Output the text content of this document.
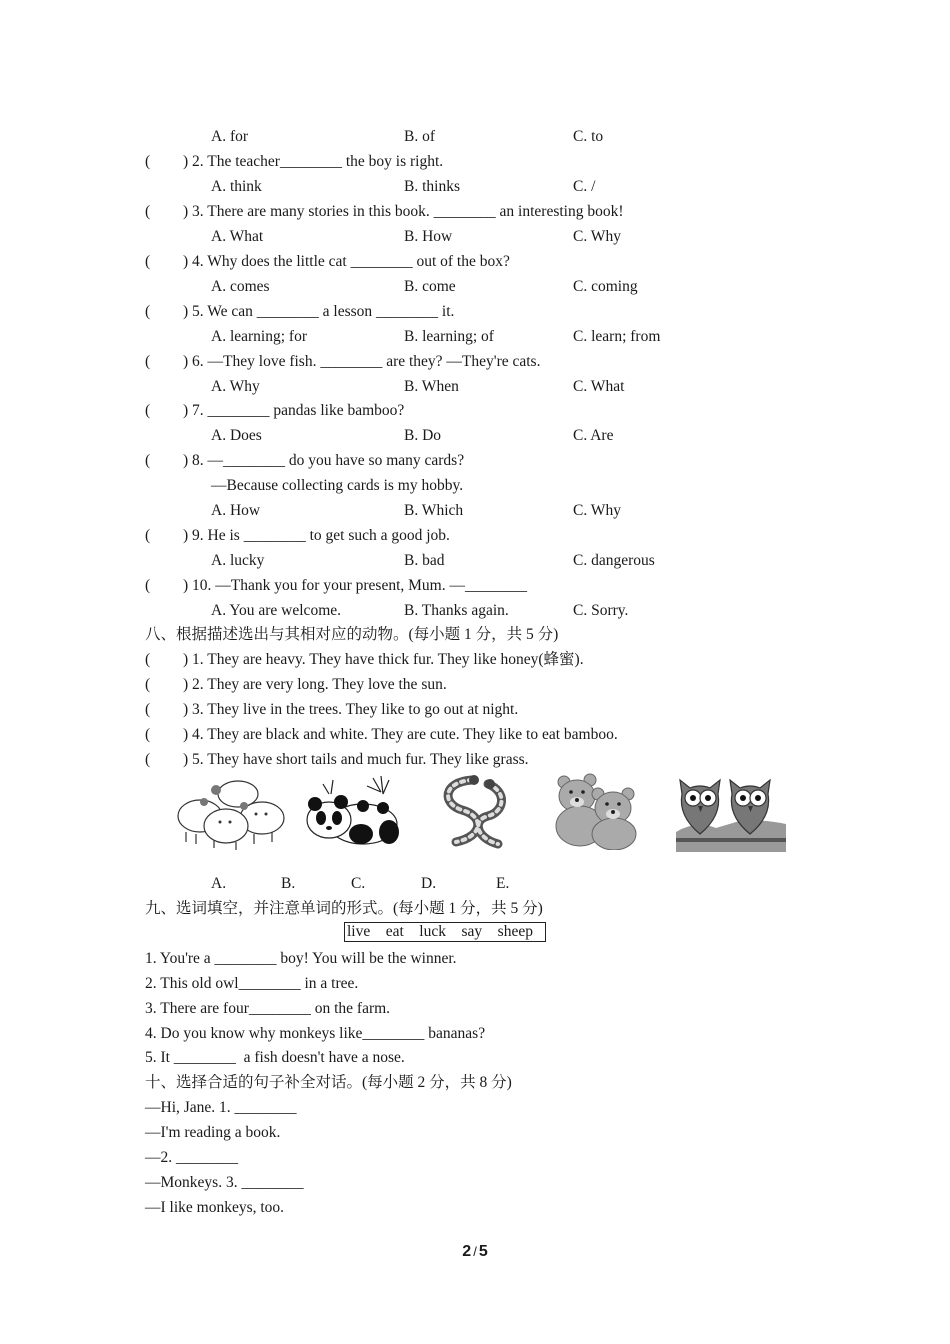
A. for	B. of	C. to
( ) 2. The teacher________ the boy is right.
A. think	B. thinks	C. /
( ) 3. There are many stories in this book. ________ an interesting book!
A. What	B. How	C. Why
( ) 4. Why does the little cat ________ out of the box?
A. comes	B. come	C. coming
( ) 5. We can ________ a lesson ________ it.
A. learning; for	B. learning; of	C. learn; from
( ) 6. —They love fish. ________ are they? —They're cats.
A. Why	B. When	C. What
( ) 7. ________ pandas like bamboo?
A. Does	B. Do	C. Are
( ) 8. —________ do you have so many cards?
—Because collecting cards is my hobby.
A. How	B. Which	C. Why
( ) 9. He is ________ to get such a good job.
A. lucky	B. bad	C. dangerous
( ) 10. —Thank you for your present, Mum. —________
A. You are welcome.	B. Thanks again.	C. Sorry.
八、根据描述选出与其相对应的动物。(每小题 1 分，共 5 分)
( ) 1. They are heavy. They have thick fur. They like honey(蜂蜜).
( ) 2. They are very long. They love the sun.
( ) 3. They live in the trees. They like to go out at night.
( ) 4. They are black and white. They are cute. They like to eat bamboo.
( ) 5. They have short tails and much fur. They like grass.
A.	B.	C.	D.	E.
九、选词填空，并注意单词的形式。(每小题 1 分，共 5 分)
live    eat    luck    say    sheep
1. You're a ________ boy! You will be the winner.
2. This old owl________ in a tree.
3. There are four________ on the farm.
4. Do you know why monkeys like________ bananas?
5. It ________  a fish doesn't have a nose.
十、选择合适的句子补全对话。(每小题 2 分，共 8 分)
—Hi, Jane. 1. ________
—I'm reading a book.
—2. ________
—Monkeys. 3. ________
—I like monkeys, too.
2 / 5
